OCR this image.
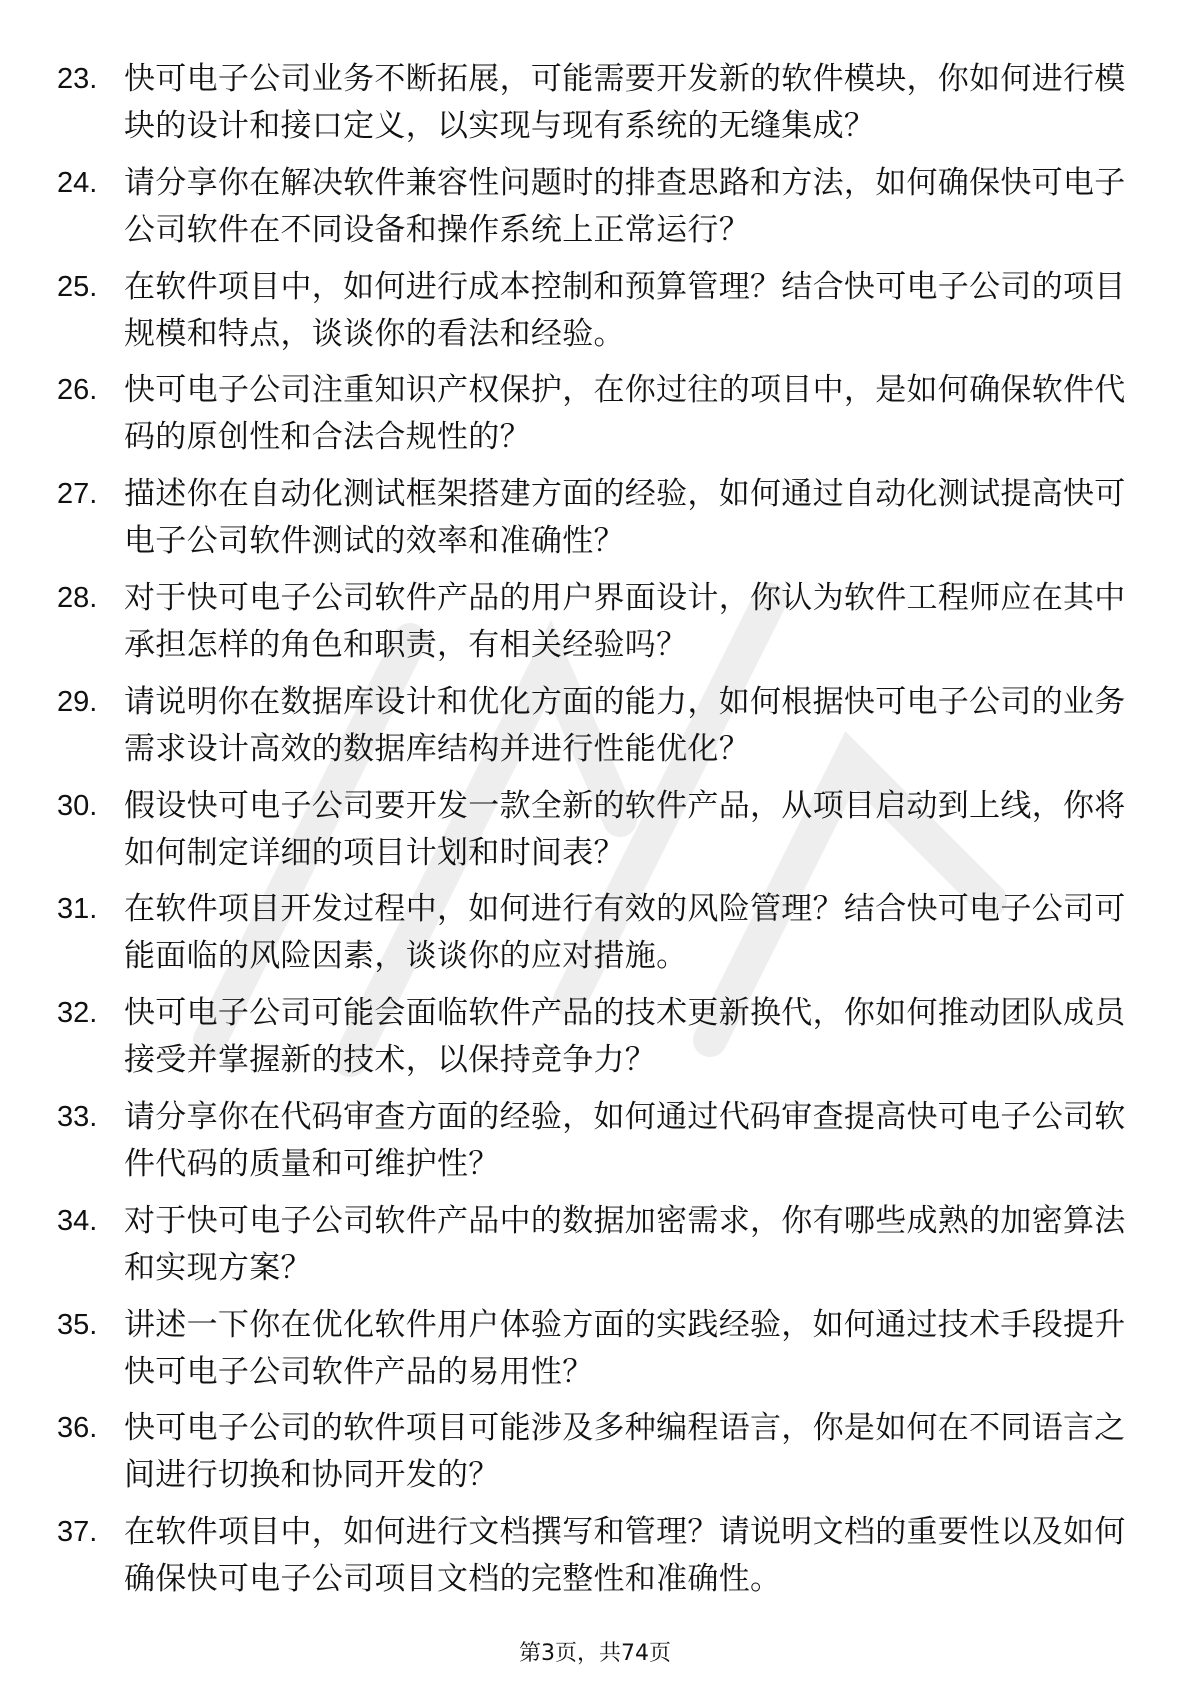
23. 快可电子公司业务不断拓展，可能需要开发新的软件模块，你如何进行模块的设计和接口定义，以实现与现有系统的无缝集成？
24. 请分享你在解决软件兼容性问题时的排查思路和方法，如何确保快可电子公司软件在不同设备和操作系统上正常运行？
25. 在软件项目中，如何进行成本控制和预算管理？结合快可电子公司的项目规模和特点，谈谈你的看法和经验。
26. 快可电子公司注重知识产权保护，在你过往的项目中，是如何确保软件代码的原创性和合法合规性的？
27. 描述你在自动化测试框架搭建方面的经验，如何通过自动化测试提高快可电子公司软件测试的效率和准确性？
28. 对于快可电子公司软件产品的用户界面设计，你认为软件工程师应在其中承担怎样的角色和职责，有相关经验吗？
29. 请说明你在数据库设计和优化方面的能力，如何根据快可电子公司的业务需求设计高效的数据库结构并进行性能优化？
30. 假设快可电子公司要开发一款全新的软件产品，从项目启动到上线，你将如何制定详细的项目计划和时间表？
31. 在软件项目开发过程中，如何进行有效的风险管理？结合快可电子公司可能面临的风险因素，谈谈你的应对措施。
32. 快可电子公司可能会面临软件产品的技术更新换代，你如何推动团队成员接受并掌握新的技术，以保持竞争力？
33. 请分享你在代码审查方面的经验，如何通过代码审查提高快可电子公司软件代码的质量和可维护性？
34. 对于快可电子公司软件产品中的数据加密需求，你有哪些成熟的加密算法和实现方案？
35. 讲述一下你在优化软件用户体验方面的实践经验，如何通过技术手段提升快可电子公司软件产品的易用性？
36. 快可电子公司的软件项目可能涉及多种编程语言，你是如何在不同语言之间进行切换和协同开发的？
37. 在软件项目中，如何进行文档撰写和管理？请说明文档的重要性以及如何确保快可电子公司项目文档的完整性和准确性。
第3页，共74页
